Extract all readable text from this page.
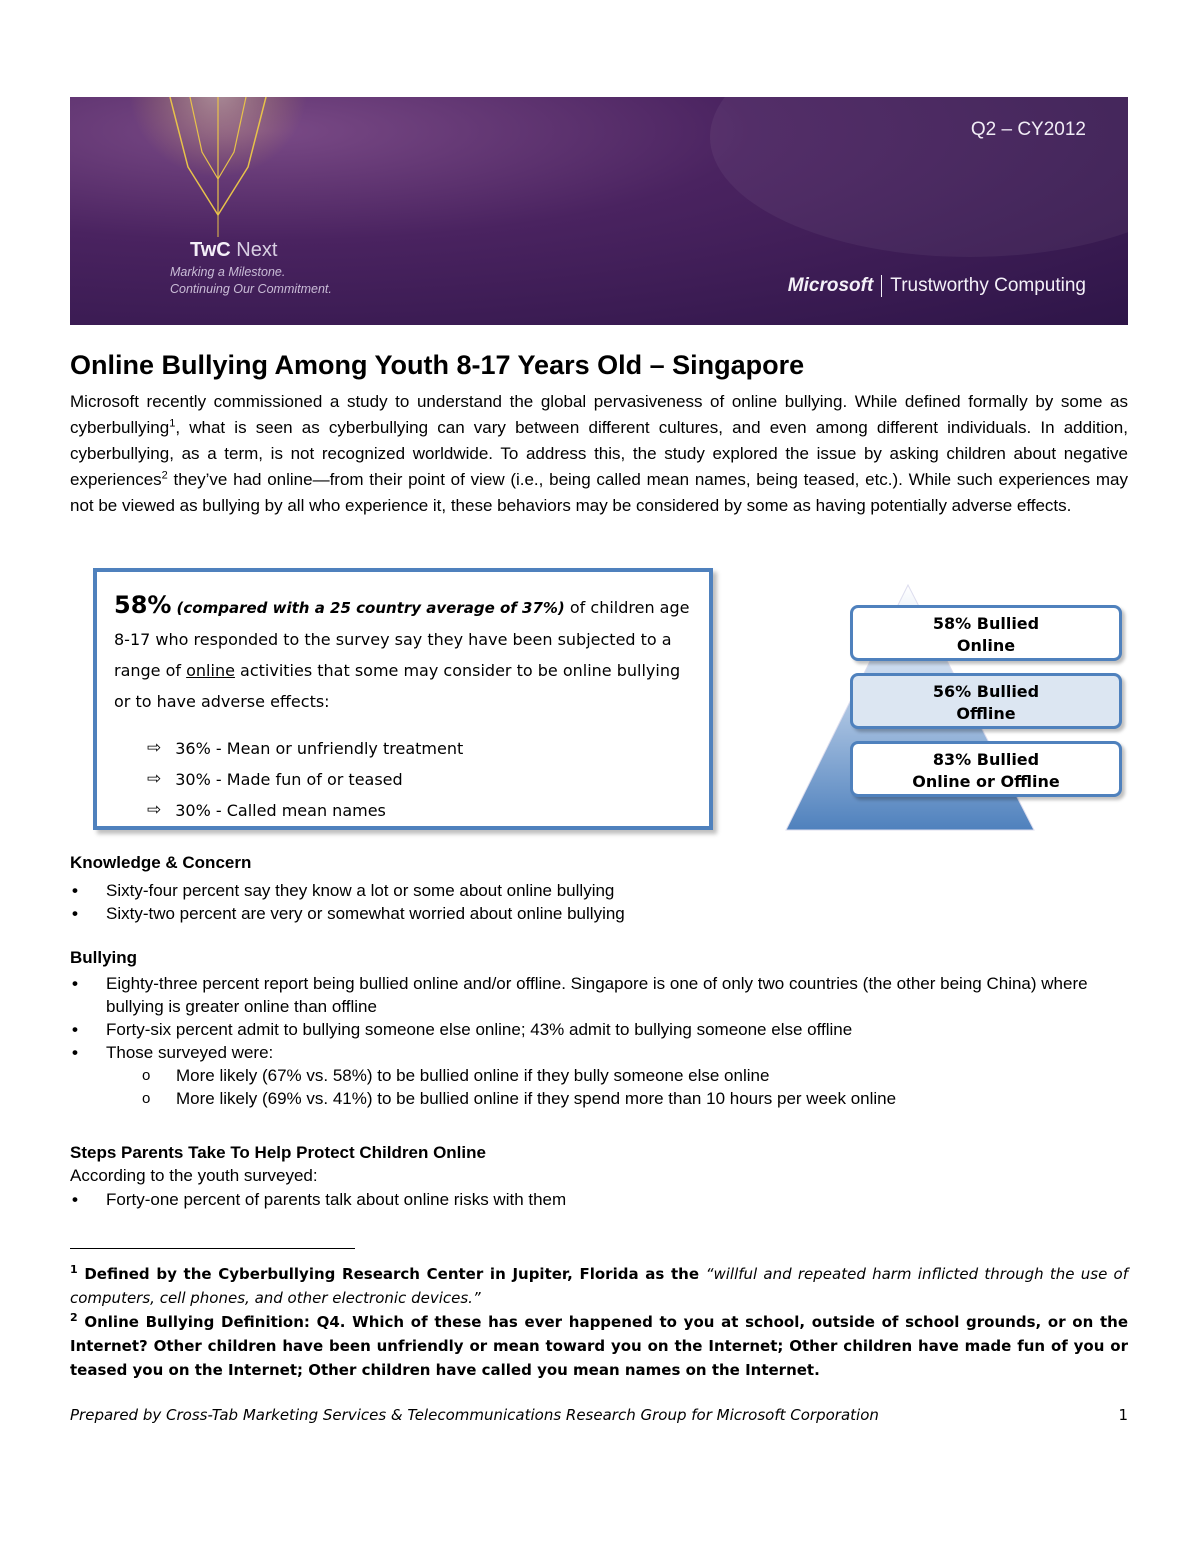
Q2 – CY2012
TwC Next
Marking a Milestone.
Continuing Our Commitment.	Microsoft Trustworthy Computing
Online Bullying Among Youth 8-17 Years Old – Singapore

Microsoft recently commissioned a study to understand the global pervasiveness of online bullying. While defined formally by some as cyberbullying$^1$, what is seen as cyberbullying can vary between different cultures, and even among different individuals. In addition, cyberbullying, as a term, is not recognized worldwide. To address this, the study explored the issue by asking children about negative experiences$^2$ they’ve had online—from their point of view (i.e., being called mean names, being teased, etc.). While such experiences may not be viewed as bullying by all who experience it, these behaviors may be considered by some as having potentially adverse effects.

58% (compared with a 25 country average of 37%) of children age 8-17 who responded to the survey say they have been subjected to a range of online activities that some may consider to be online bullying or to have adverse effects:
⇨ 36% - Mean or unfriendly treatment
⇨ 30% - Made fun of or teased
⇨ 30% - Called mean names
58% Bullied
Online
56% Bullied
Offline
83% Bullied
Online or Offline
Knowledge & Concern
• Sixty-four percent say they know a lot or some about online bullying
• Sixty-two percent are very or somewhat worried about online bullying
Bullying
• Eighty-three percent report being bullied online and/or offline. Singapore is one of only two countries (the other being China) where bullying is greater online than offline
• Forty-six percent admit to bullying someone else online; 43% admit to bullying someone else offline
• Those surveyed were:
o More likely (67% vs. 58%) to be bullied online if they bully someone else online
o More likely (69% vs. 41%) to be bullied online if they spend more than 10 hours per week online
Steps Parents Take To Help Protect Children Online
According to the youth surveyed:
• Forty-one percent of parents talk about online risks with them
$^1$ Defined by the Cyberbullying Research Center in Jupiter, Florida as the “willful and repeated harm inflicted through the use of computers, cell phones, and other electronic devices.”
$^2$ Online Bullying Definition: Q4. Which of these has ever happened to you at school, outside of school grounds, or on the Internet? Other children have been unfriendly or mean toward you on the Internet; Other children have made fun of you or teased you on the Internet; Other children have called you mean names on the Internet.
Prepared by Cross-Tab Marketing Services & Telecommunications Research Group for Microsoft Corporation	1
